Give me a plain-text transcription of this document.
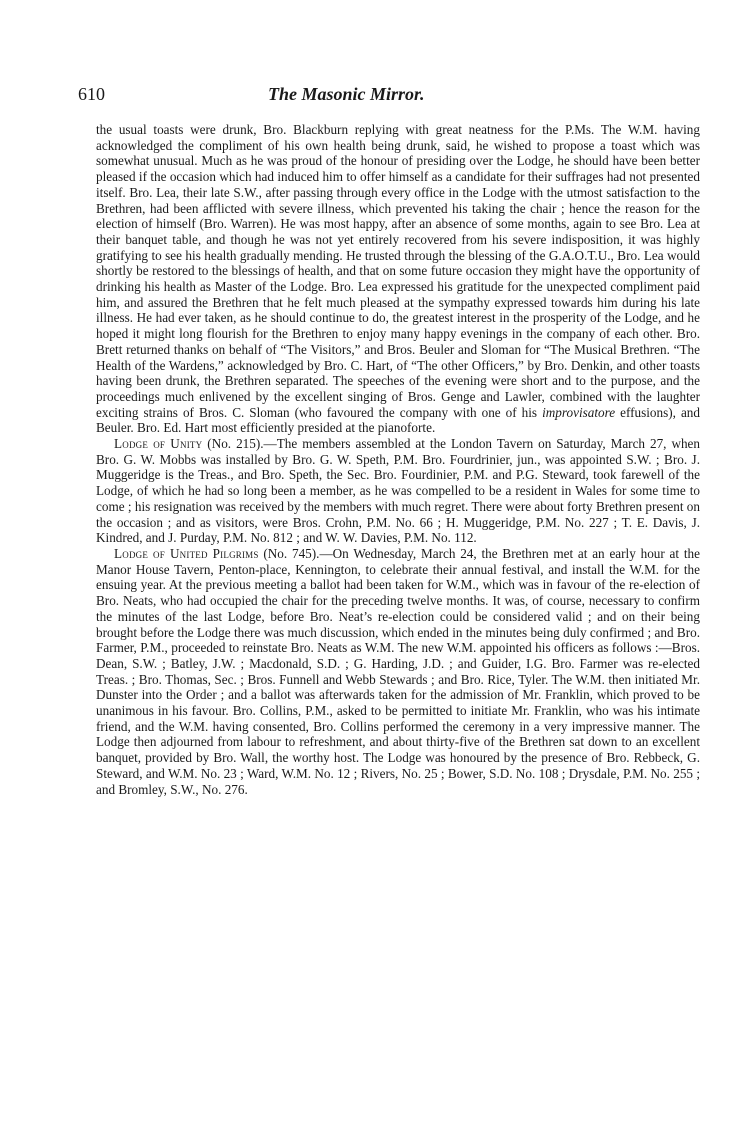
610	The Masonic Mirror.

the usual toasts were drunk, Bro. Blackburn replying with great neatness for the P.Ms. The W.M. having acknowledged the compliment of his own health being drunk, said, he wished to propose a toast which was somewhat unusual. Much as he was proud of the honour of presiding over the Lodge, he should have been better pleased if the occasion which had induced him to offer himself as a candidate for their suffrages had not presented itself. Bro. Lea, their late S.W., after passing through every office in the Lodge with the utmost satisfaction to the Brethren, had been afflicted with severe illness, which prevented his taking the chair ; hence the reason for the election of himself (Bro. Warren). He was most happy, after an absence of some months, again to see Bro. Lea at their banquet table, and though he was not yet entirely recovered from his severe indisposition, it was highly gratifying to see his health gradually mending. He trusted through the blessing of the G.A.O.T.U., Bro. Lea would shortly be restored to the blessings of health, and that on some future occasion they might have the opportunity of drinking his health as Master of the Lodge. Bro. Lea expressed his gratitude for the unexpected compliment paid him, and assured the Brethren that he felt much pleased at the sympathy expressed towards him during his late illness. He had ever taken, as he should continue to do, the greatest interest in the prosperity of the Lodge, and he hoped it might long flourish for the Brethren to enjoy many happy evenings in the company of each other. Bro. Brett returned thanks on behalf of “The Visitors,” and Bros. Beuler and Sloman for “The Musical Brethren. “The Health of the Wardens,” acknowledged by Bro. C. Hart, of “The other Officers,” by Bro. Denkin, and other toasts having been drunk, the Brethren separated. The speeches of the evening were short and to the purpose, and the proceedings much enlivened by the excellent singing of Bros. Genge and Lawler, combined with the laughter exciting strains of Bros. C. Sloman (who favoured the company with one of his improvisatore effusions), and Beuler. Bro. Ed. Hart most efficiently presided at the pianoforte.

Lodge of Unity (No. 215).—The members assembled at the London Tavern on Saturday, March 27, when Bro. G. W. Mobbs was installed by Bro. G. W. Speth, P.M. Bro. Fourdrinier, jun., was appointed S.W. ; Bro. J. Muggeridge is the Treas., and Bro. Speth, the Sec. Bro. Fourdinier, P.M. and P.G. Steward, took farewell of the Lodge, of which he had so long been a member, as he was compelled to be a resident in Wales for some time to come ; his resignation was received by the members with much regret. There were about forty Brethren present on the occasion ; and as visitors, were Bros. Crohn, P.M. No. 66 ; H. Muggeridge, P.M. No. 227 ; T. E. Davis, J. Kindred, and J. Purday, P.M. No. 812 ; and W. W. Davies, P.M. No. 112.

Lodge of United Pilgrims (No. 745).—On Wednesday, March 24, the Brethren met at an early hour at the Manor House Tavern, Penton-place, Kennington, to celebrate their annual festival, and install the W.M. for the ensuing year. At the previous meeting a ballot had been taken for W.M., which was in favour of the re-election of Bro. Neats, who had occupied the chair for the preceding twelve months. It was, of course, necessary to confirm the minutes of the last Lodge, before Bro. Neat’s re-election could be considered valid ; and on their being brought before the Lodge there was much discussion, which ended in the minutes being duly confirmed ; and Bro. Farmer, P.M., proceeded to reinstate Bro. Neats as W.M. The new W.M. appointed his officers as follows :—Bros. Dean, S.W. ; Batley, J.W. ; Macdonald, S.D. ; G. Harding, J.D. ; and Guider, I.G. Bro. Farmer was re-elected Treas. ; Bro. Thomas, Sec. ; Bros. Funnell and Webb Stewards ; and Bro. Rice, Tyler. The W.M. then initiated Mr. Dunster into the Order ; and a ballot was afterwards taken for the admission of Mr. Franklin, which proved to be unanimous in his favour. Bro. Collins, P.M., asked to be permitted to initiate Mr. Franklin, who was his intimate friend, and the W.M. having consented, Bro. Collins performed the ceremony in a very impressive manner. The Lodge then adjourned from labour to refreshment, and about thirty-five of the Brethren sat down to an excellent banquet, provided by Bro. Wall, the worthy host. The Lodge was honoured by the presence of Bro. Rebbeck, G. Steward, and W.M. No. 23 ; Ward, W.M. No. 12 ; Rivers, No. 25 ; Bower, S.D. No. 108 ; Drysdale, P.M. No. 255 ; and Bromley, S.W., No. 276.
